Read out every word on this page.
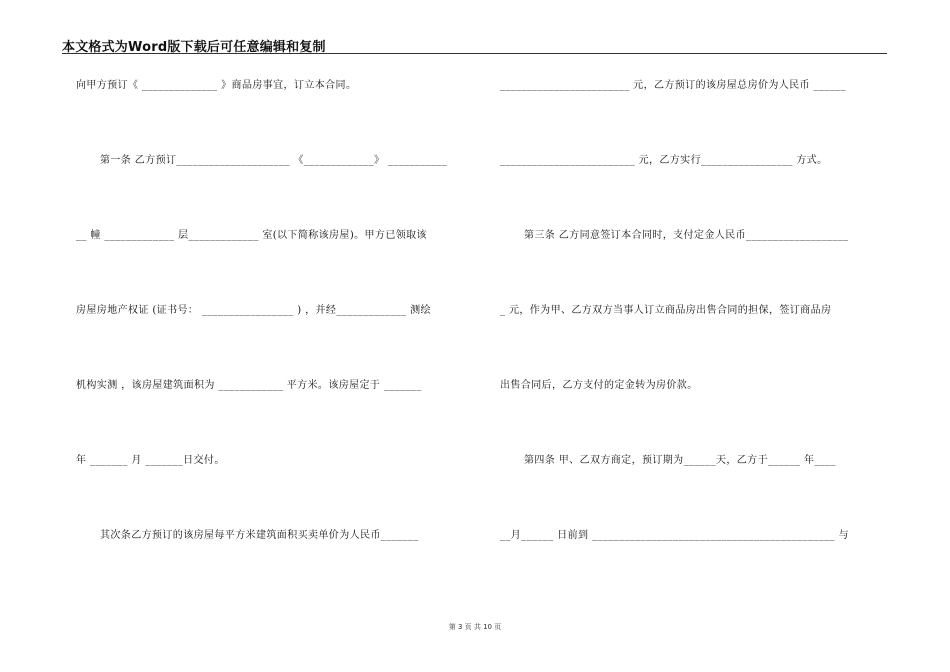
本文格式为Word版下载后可任意编辑和复制
向甲方预订《 ______________ 》商品房事宜，订立本合同。
第一条 乙方预订_____________________ 《_____________》 ___________
__ 幢 _____________ 层_____________ 室(以下简称该房屋)。甲方已领取该
房屋房地产权证 (证书号： _________________ ) ，并经_____________ 测绘
机构实测 ，该房屋建筑面积为 ____________ 平方米。该房屋定于 _______
年 _______ 月 _______日交付。
其次条乙方预订的该房屋每平方米建筑面积买卖单价为人民币_______
________________________ 元，乙方预订的该房屋总房价为人民币 ______
_________________________ 元，乙方实行_________________ 方式。
第三条 乙方同意签订本合同时，支付定金人民币___________________
_ 元，作为甲、乙方双方当事人订立商品房出售合同的担保，签订商品房
出售合同后，乙方支付的定金转为房价款。
第四条 甲、乙双方商定，预订期为______天，乙方于______ 年____
__月______ 日前到 _____________________________________________ 与
第 3 页 共 10 页
